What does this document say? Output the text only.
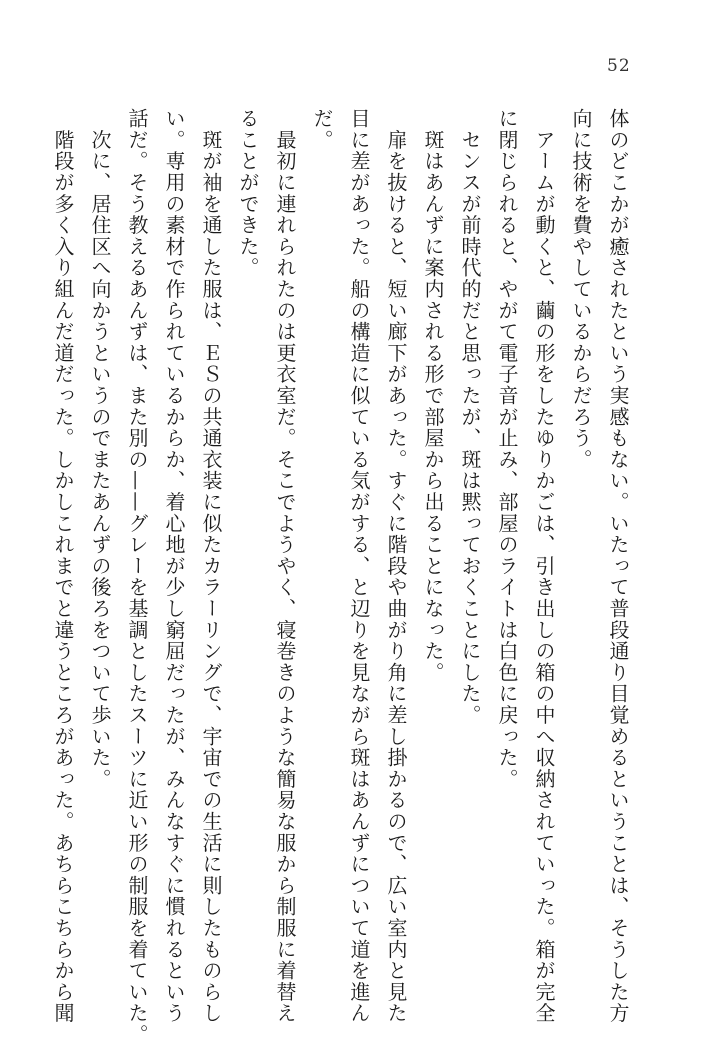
52
体のどこかが癒されたという実感もない。いたって普段通り目覚めるということは、そうした方
向に技術を費やしているからだろう。
　アームが動くと、繭の形をしたゆりかごは、引き出しの箱の中へ収納されていった。箱が完全
に閉じられると、やがて電子音が止み、部屋のライトは白色に戻った。
　センスが前時代的だと思ったが、斑は黙っておくことにした。
　斑はあんずに案内される形で部屋から出ることになった。
　扉を抜けると、短い廊下があった。すぐに階段や曲がり角に差し掛かるので、広い室内と見た
目に差があった。船の構造に似ている気がする、と辺りを見ながら斑はあんずについて道を進ん
だ。
　最初に連れられたのは更衣室だ。そこでようやく、寝巻きのような簡易な服から制服に着替え
ることができた。
　斑が袖を通した服は、ＥＳの共通衣装に似たカラーリングで、宇宙での生活に則したものらし
い。専用の素材で作られているからか、着心地が少し窮屈だったが、みんなすぐに慣れるという
話だ。そう教えるあんずは、また別の——グレーを基調としたスーツに近い形の制服を着ていた。
　次に、居住区へ向かうというのでまたあんずの後ろをついて歩いた。
　階段が多く入り組んだ道だった。しかしこれまでと違うところがあった。あちらこちらから聞
